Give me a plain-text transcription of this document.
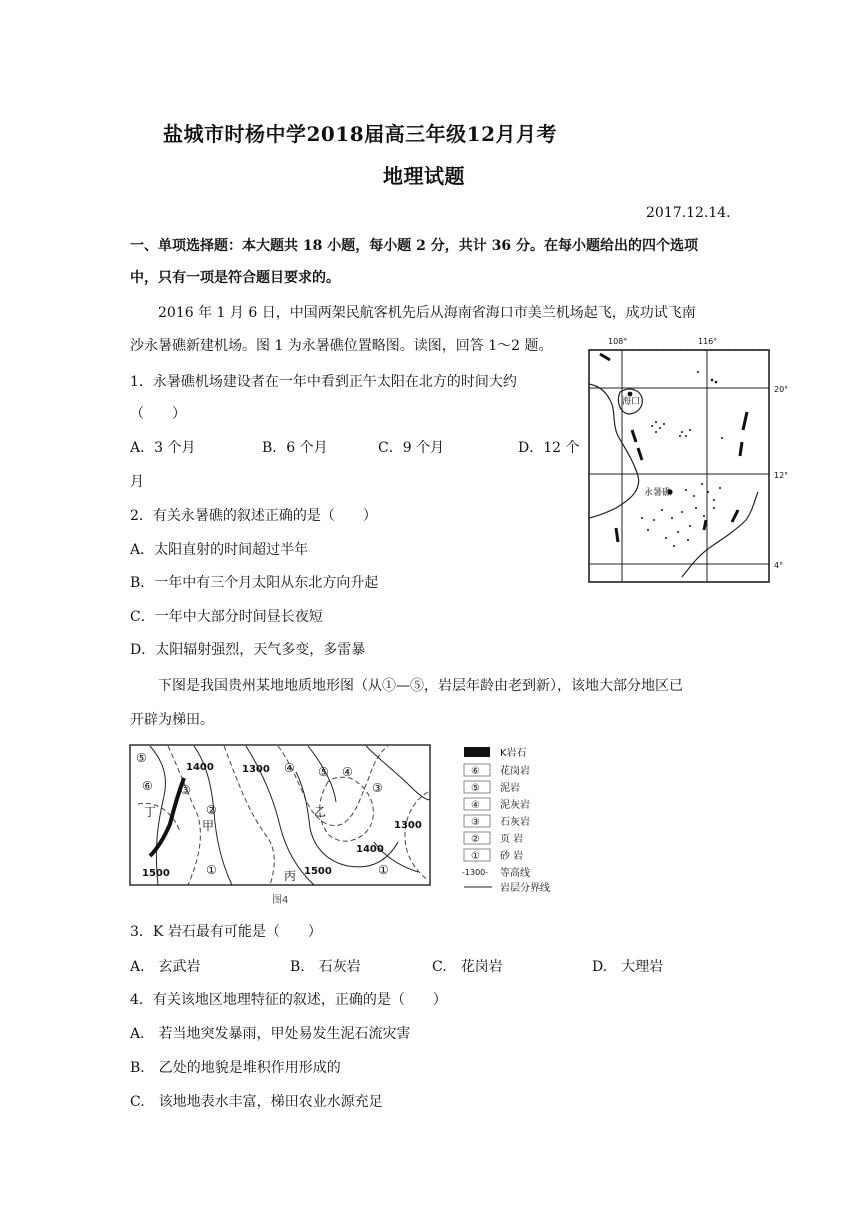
盐城市时杨中学2018届高三年级12月月考
地理试题
2017.12.14.
一、单项选择题：本大题共 18 小题，每小题 2 分，共计 36 分。在每小题给出的四个选项
中，只有一项是符合题目要求的。
2016 年 1 月 6 日，中国两架民航客机先后从海南省海口市美兰机场起飞，成功试飞南
沙永暑礁新建机场。图 1 为永暑礁位置略图。读图，回答 1～2 题。
1．永暑礁机场建设者在一年中看到正午太阳在北方的时间大约
（　　）
A．3 个月	B．6 个月	C．9 个月	D．12 个
月
2．有关永暑礁的叙述正确的是（　　）
A．太阳直射的时间超过半年
B．一年中有三个月太阳从东北方向升起
C．一年中大部分时间昼长夜短
D．太阳辐射强烈，天气多变，多雷暴
108°	116°
20°
12°
4°
海口
永暑礁
下图是我国贵州某地地质地形图（从①—⑤，岩层年龄由老到新），该地大部分地区已
开辟为梯田。
1400	1300
1300
1400
1500	1500
⑤
⑥
④ ⑤ ④
③
③
②
①	①
丁
甲
乙
丙
图4
K岩石
⑥ 花岗岩
⑤ 泥岩
④ 泥灰岩
③ 石灰岩
② 页 岩
① 砂 岩
-1300- 等高线
岩层分界线
3．K 岩石最有可能是（　　）
A.　玄武岩	B.　石灰岩	C.　花岗岩	D.　大理岩
4．有关该地区地理特征的叙述，正确的是（　　）
A.　若当地突发暴雨，甲处易发生泥石流灾害
B.　乙处的地貌是堆积作用形成的
C.　该地地表水丰富，梯田农业水源充足
